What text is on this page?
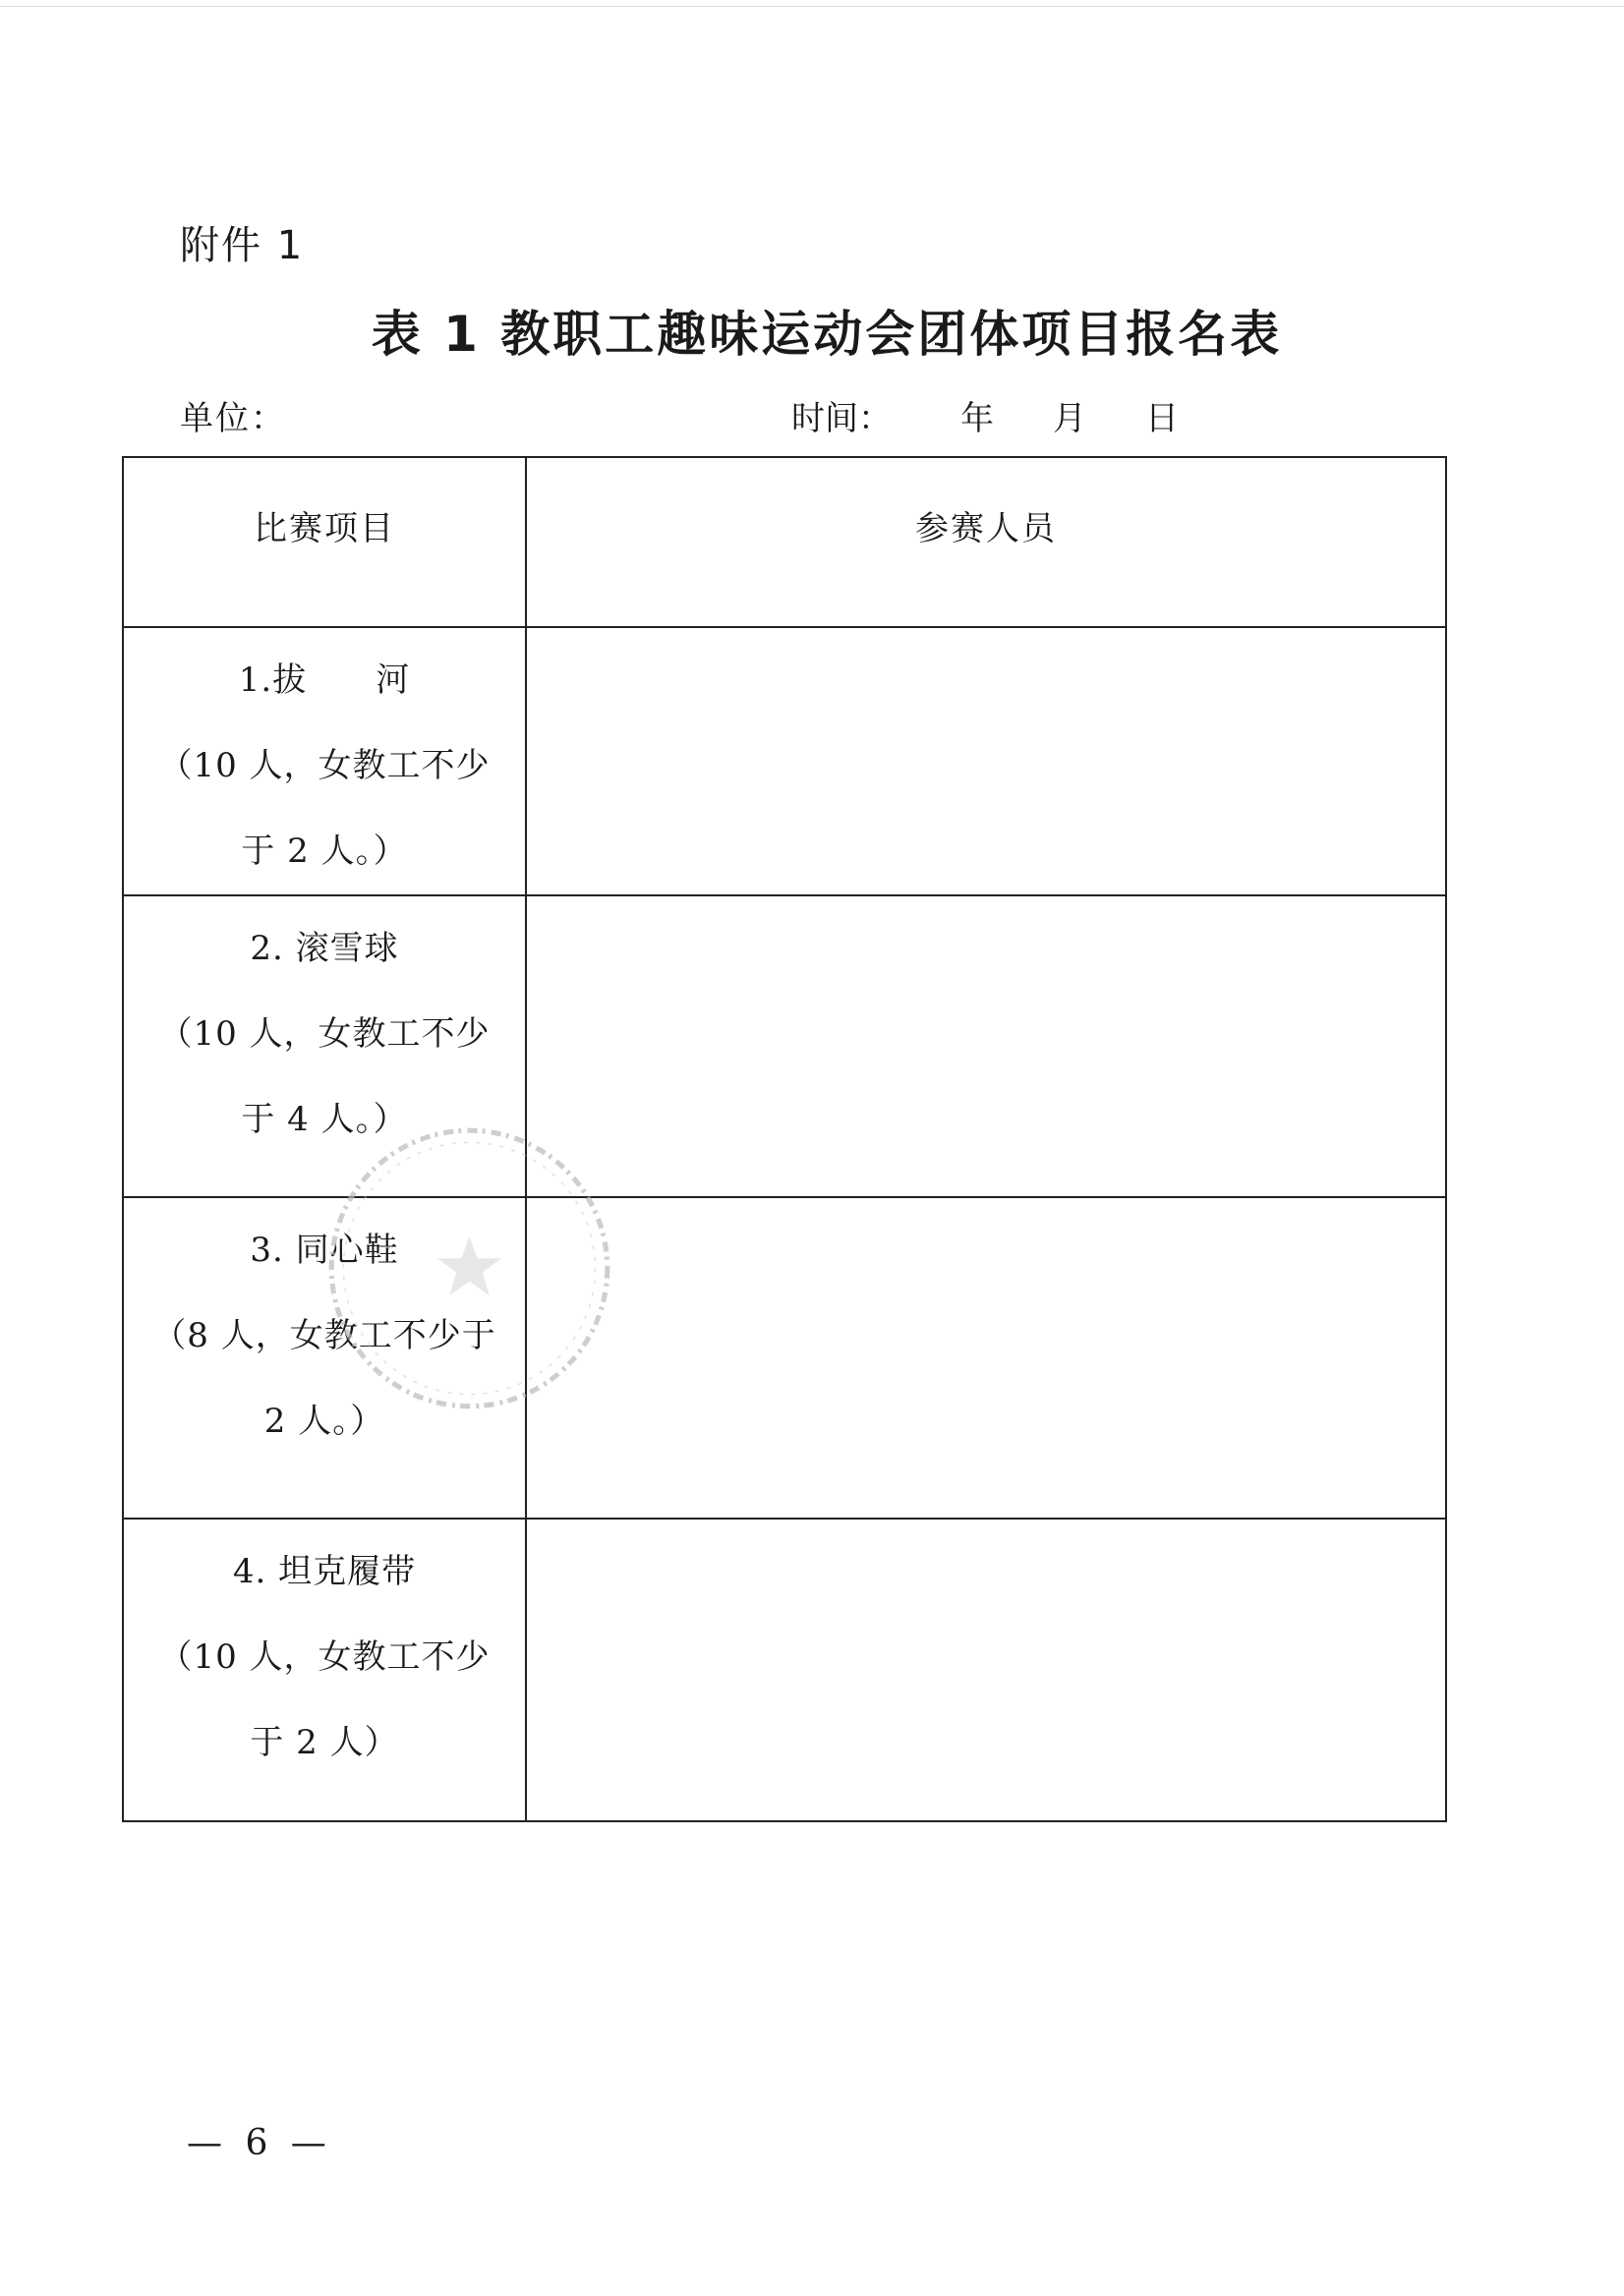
附件 1
表 1 教职工趣味运动会团体项目报名表
单位：	时间： 年 月 日
比赛项目	参赛人员

1.拔　　河
（10 人，女教工不少
于 2 人。）	

2. 滚雪球
（10 人，女教工不少
于 4 人。）	

3. 同心鞋
（8 人，女教工不少于
2 人。）	

4. 坦克履带
（10 人，女教工不少
于 2 人）	

— 6 —
